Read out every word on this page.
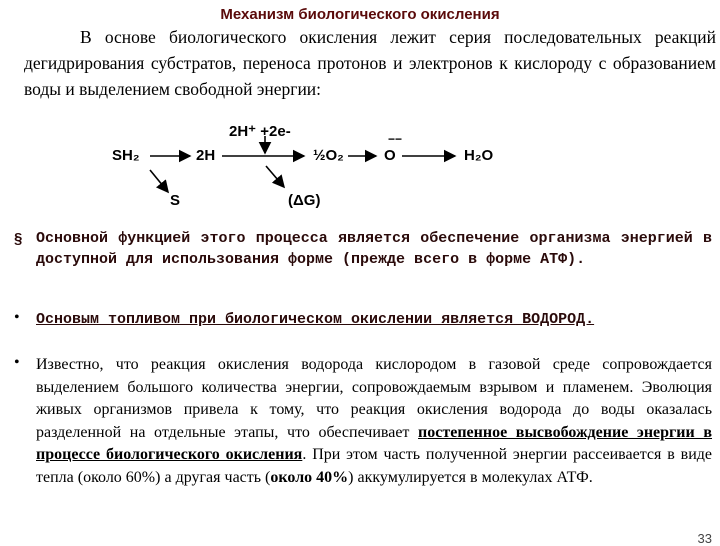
Механизм биологического окисления
В основе биологического окисления лежит серия последовательных реакций дегидрирования субстратов, переноса протонов и электронов к кислороду с образованием воды и выделением свободной энергии:
SH₂	2H
2H⁺ +2e-
½O₂	O
−−
H₂O
S	(ΔG)
§ Основной функцией этого процесса является обеспечение организма энергией в доступной для использования форме (прежде всего в форме АТФ).
• Основым топливом при биологическом окислении является ВОДОРОД.
• Известно, что реакция окисления водорода кислородом в газовой среде сопровождается выделением большого количества энергии, сопровождаемым взрывом и пламенем. Эволюция живых организмов привела к тому, что реакция окисления водорода до воды оказалась разделенной на отдельные этапы, что обеспечивает постепенное высвобождение энергии в процессе биологического окисления. При этом часть полученной энергии рассеивается в виде тепла (около 60%) а другая часть (около 40%) аккумулируется в молекулах АТФ.
33
